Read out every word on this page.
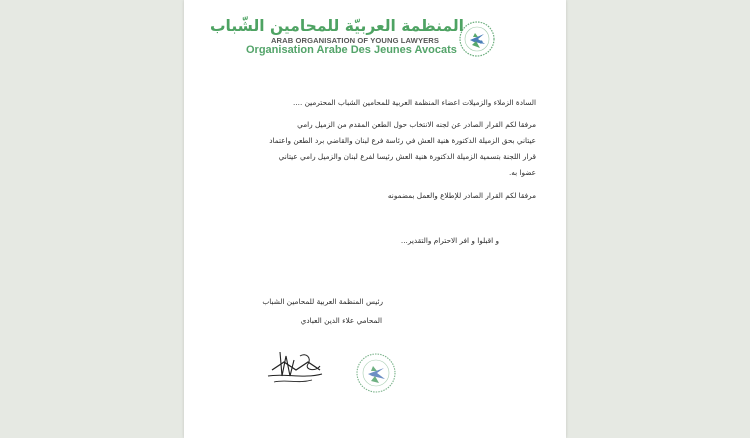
المنظمة العربيّة للمحامين الشّباب
ARAB ORGANISATION OF YOUNG LAWYERS
Organisation Arabe Des Jeunes Avocats
السادة الزملاء والزميلات اعضاء المنظمة العربية للمحامين الشباب المحترمين ....
مرفقا لكم القرار الصادر عن لجنه الانتخاب حول الطعن المقدم من الزميل رامي
عيتاني بحق الزميلة الدكتورة هنية العش في رئاسة فرع لبنان والقاضي برد الطعن واعتماد
قرار اللجنة بتسمية الزميلة الدكتورة هنية العش رئيسا لفرع لبنان والزميل رامي عيتاني
عضوا به.
مرفقا لكم القرار الصادر للإطلاع والعمل بمضمونه
و اقبلوا و افر الاحترام والتقدير...
رئيس المنظمة العربية للمحامين الشباب
المحامي علاء الدين العبادي
